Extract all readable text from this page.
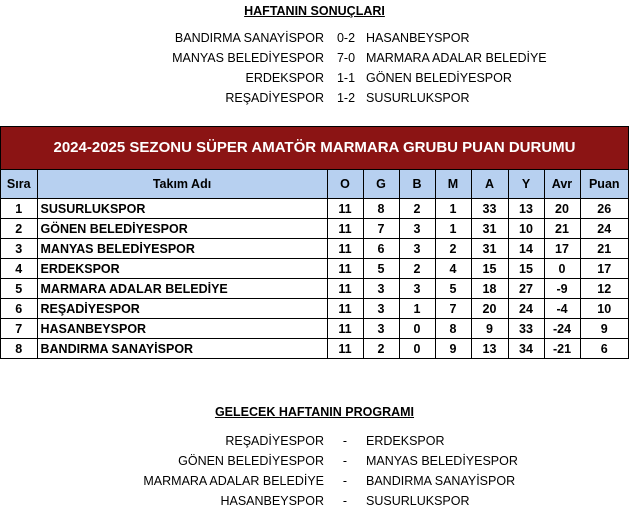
HAFTANIN SONUÇLARI
BANDIRMA SANAYİSPOR	0-2 HASANBEYSPOR
MANYAS BELEDİYESPOR	7-0 MARMARA ADALAR BELEDİYE
ERDEKSPOR	1-1 GÖNEN BELEDİYESPOR
REŞADİYESPOR	1-2 SUSURLUKSPOR
2024-2025 SEZONU SÜPER AMATÖR MARMARA GRUBU PUAN DURUMU
Sıra	Takım Adı	O	G	B	M	A	Y	Avr	Puan
1	SUSURLUKSPOR	11	8	2	1	33	13	20	26
2	GÖNEN BELEDİYESPOR	11	7	3	1	31	10	21	24
3	MANYAS BELEDİYESPOR	11	6	3	2	31	14	17	21
4	ERDEKSPOR	11	5	2	4	15	15	0	17
5	MARMARA ADALAR BELEDİYE	11	3	3	5	18	27	-9	12
6	REŞADİYESPOR	11	3	1	7	20	24	-4	10
7	HASANBEYSPOR	11	3	0	8	9	33	-24	9
8	BANDIRMA SANAYİSPOR	11	2	0	9	13	34	-21	6
GELECEK HAFTANIN PROGRAMI
REŞADİYESPOR	-	ERDEKSPOR
GÖNEN BELEDİYESPOR	-	MANYAS BELEDİYESPOR
MARMARA ADALAR BELEDİYE	-	BANDIRMA SANAYİSPOR
HASANBEYSPOR	-	SUSURLUKSPOR
